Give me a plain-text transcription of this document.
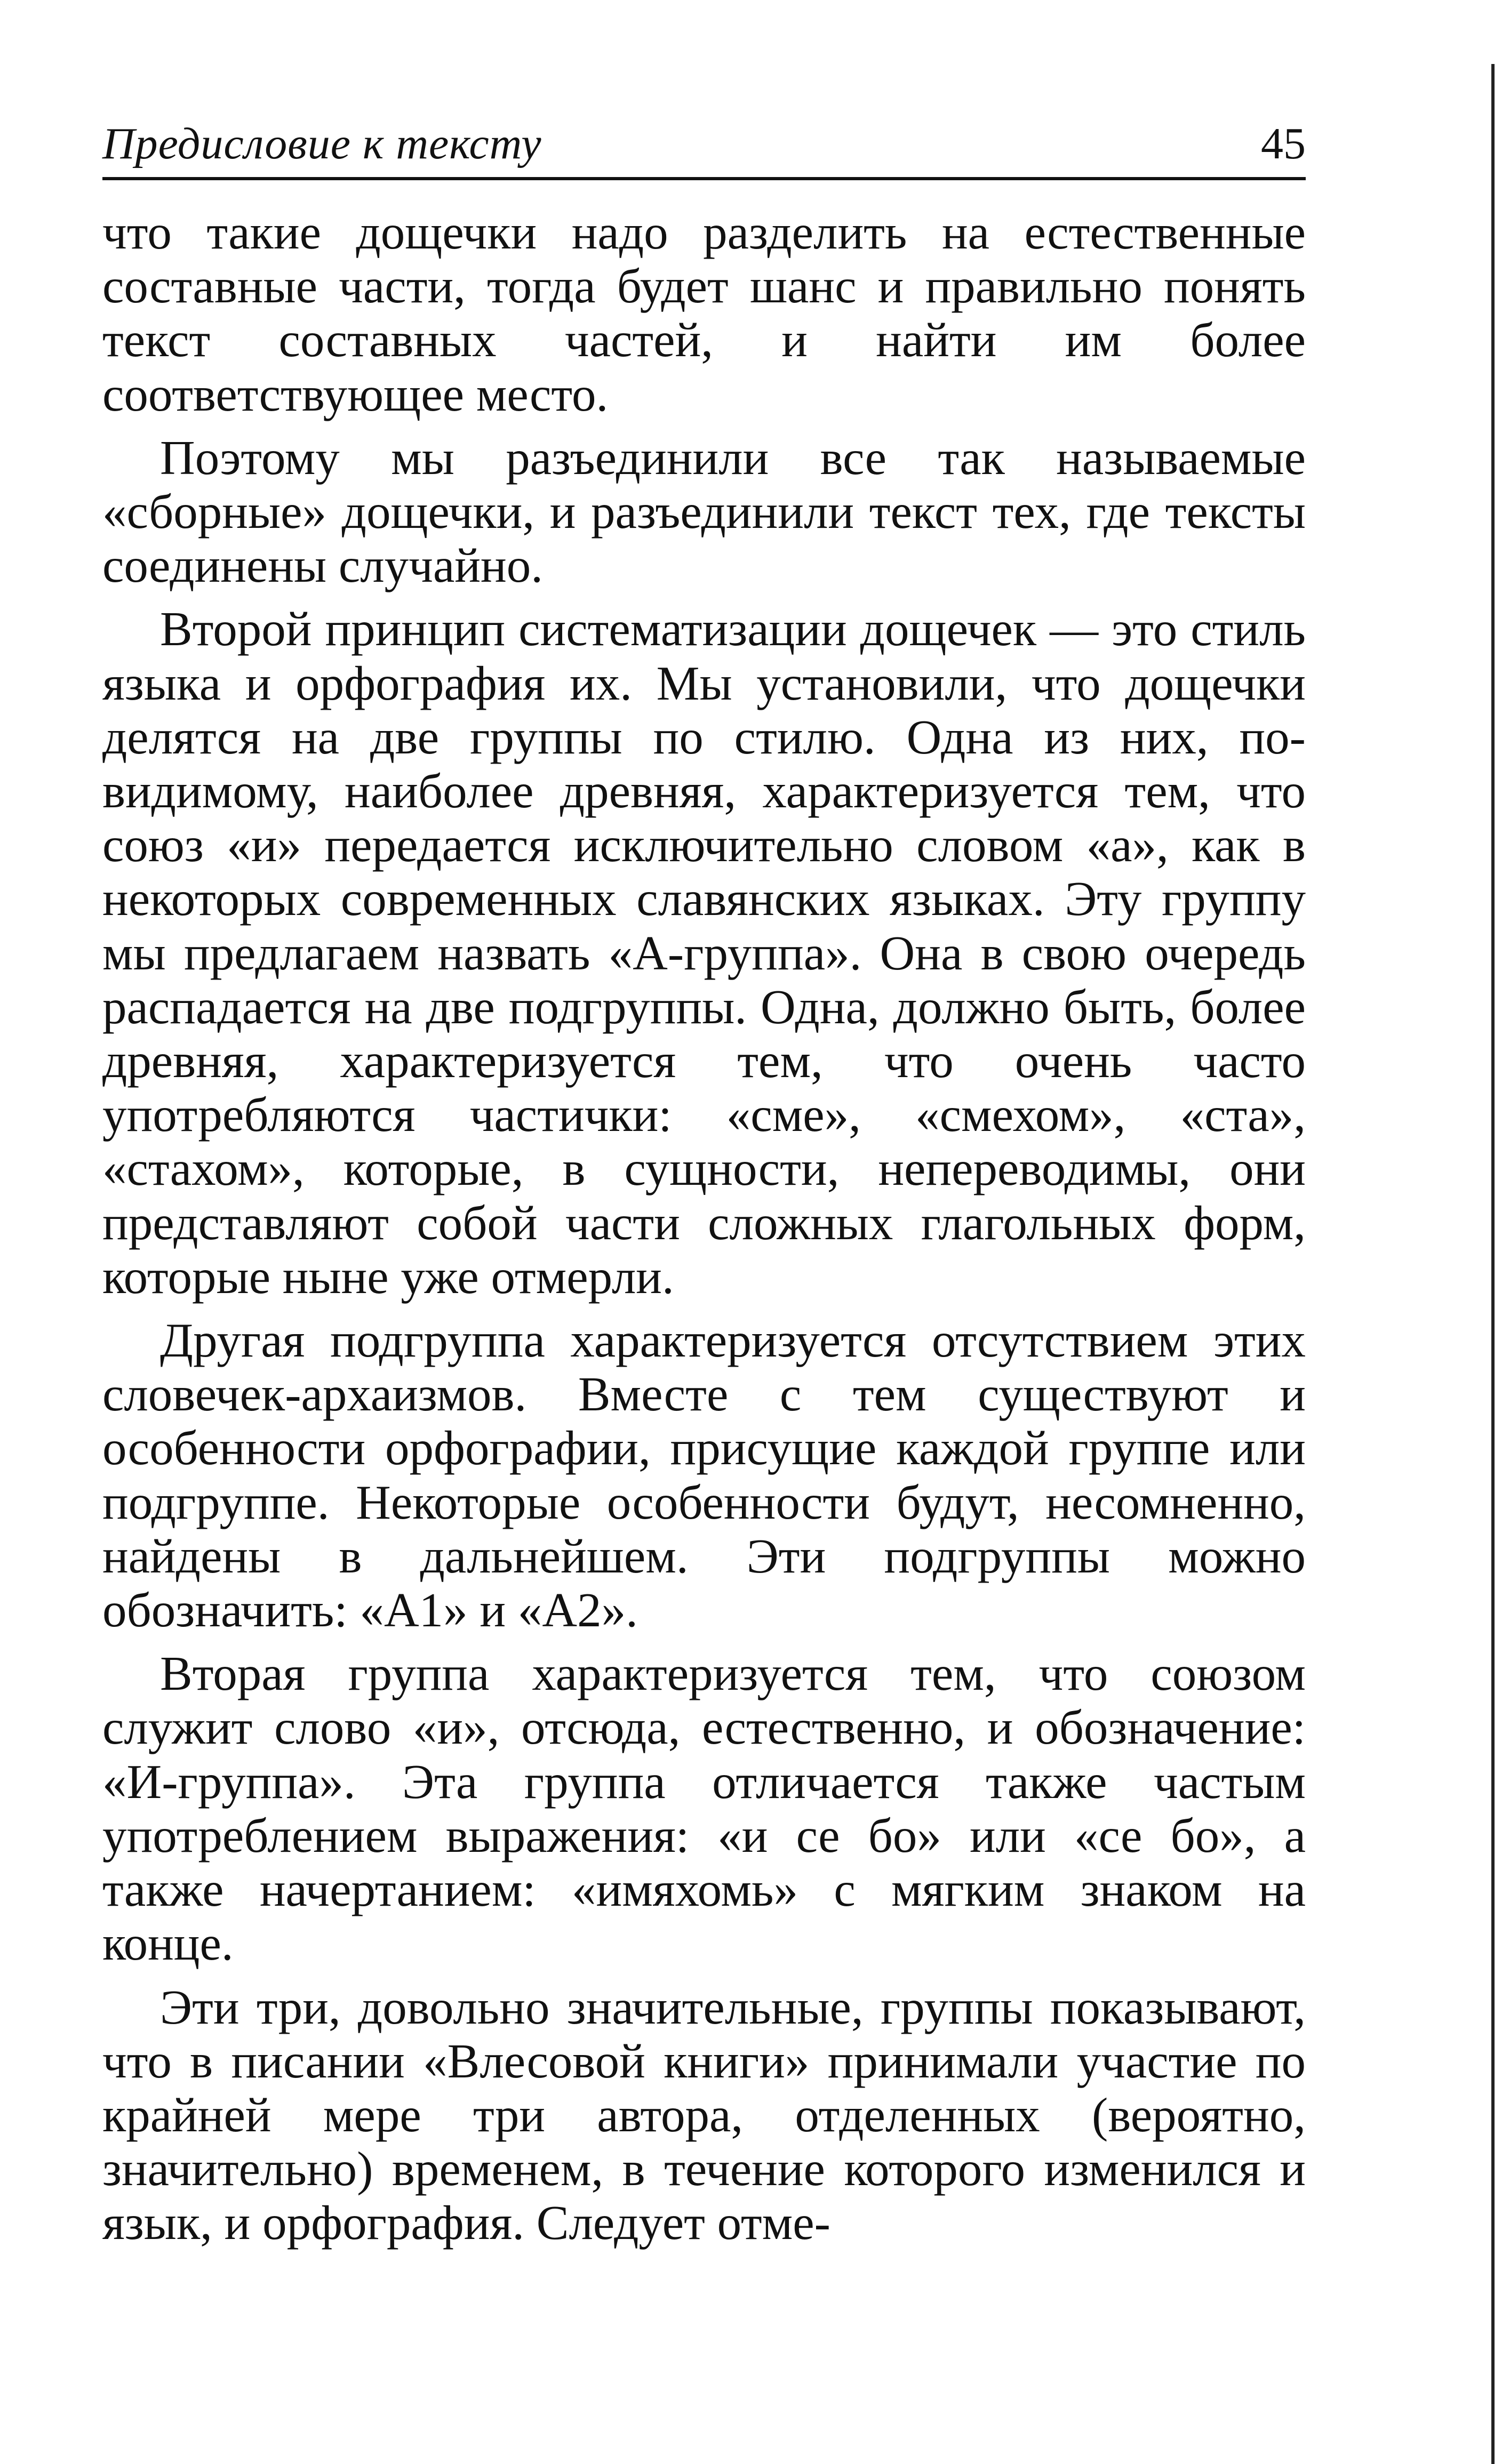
Предисловие к тексту	45

что такие дощечки надо разделить на естественные составные части, тогда будет шанс и правильно понять текст составных частей, и найти им более соответствующее место.

Поэтому мы разъединили все так называемые «сборные» дощечки, и разъединили текст тех, где тексты соединены случайно.

Второй принцип систематизации дощечек — это стиль языка и орфография их. Мы установили, что дощечки делятся на две группы по стилю. Одна из них, по-видимому, наиболее древняя, характеризуется тем, что союз «и» передается исключительно словом «а», как в некоторых современных славянских языках. Эту группу мы предлагаем назвать «А-группа». Она в свою очередь распадается на две подгруппы. Одна, должно быть, более древняя, характеризуется тем, что очень часто употребляются частички: «сме», «смехом», «ста», «стахом», которые, в сущности, непереводимы, они представляют собой части сложных глагольных форм, которые ныне уже отмерли.

Другая подгруппа характеризуется отсутствием этих словечек-архаизмов. Вместе с тем существуют и особенности орфографии, присущие каждой группе или подгруппе. Некоторые особенности будут, несомненно, найдены в дальнейшем. Эти подгруппы можно обозначить: «А1» и «А2».

Вторая группа характеризуется тем, что союзом служит слово «и», отсюда, естественно, и обозначение: «И-группа». Эта группа отличается также частым употреблением выражения: «и се бо» или «се бо», а также начертанием: «имяхомь» с мягким знаком на конце.

Эти три, довольно значительные, группы показывают, что в писании «Влесовой книги» принимали участие по крайней мере три автора, отделенных (вероятно, значительно) временем, в течение которого изменился и язык, и орфография. Следует отме-
